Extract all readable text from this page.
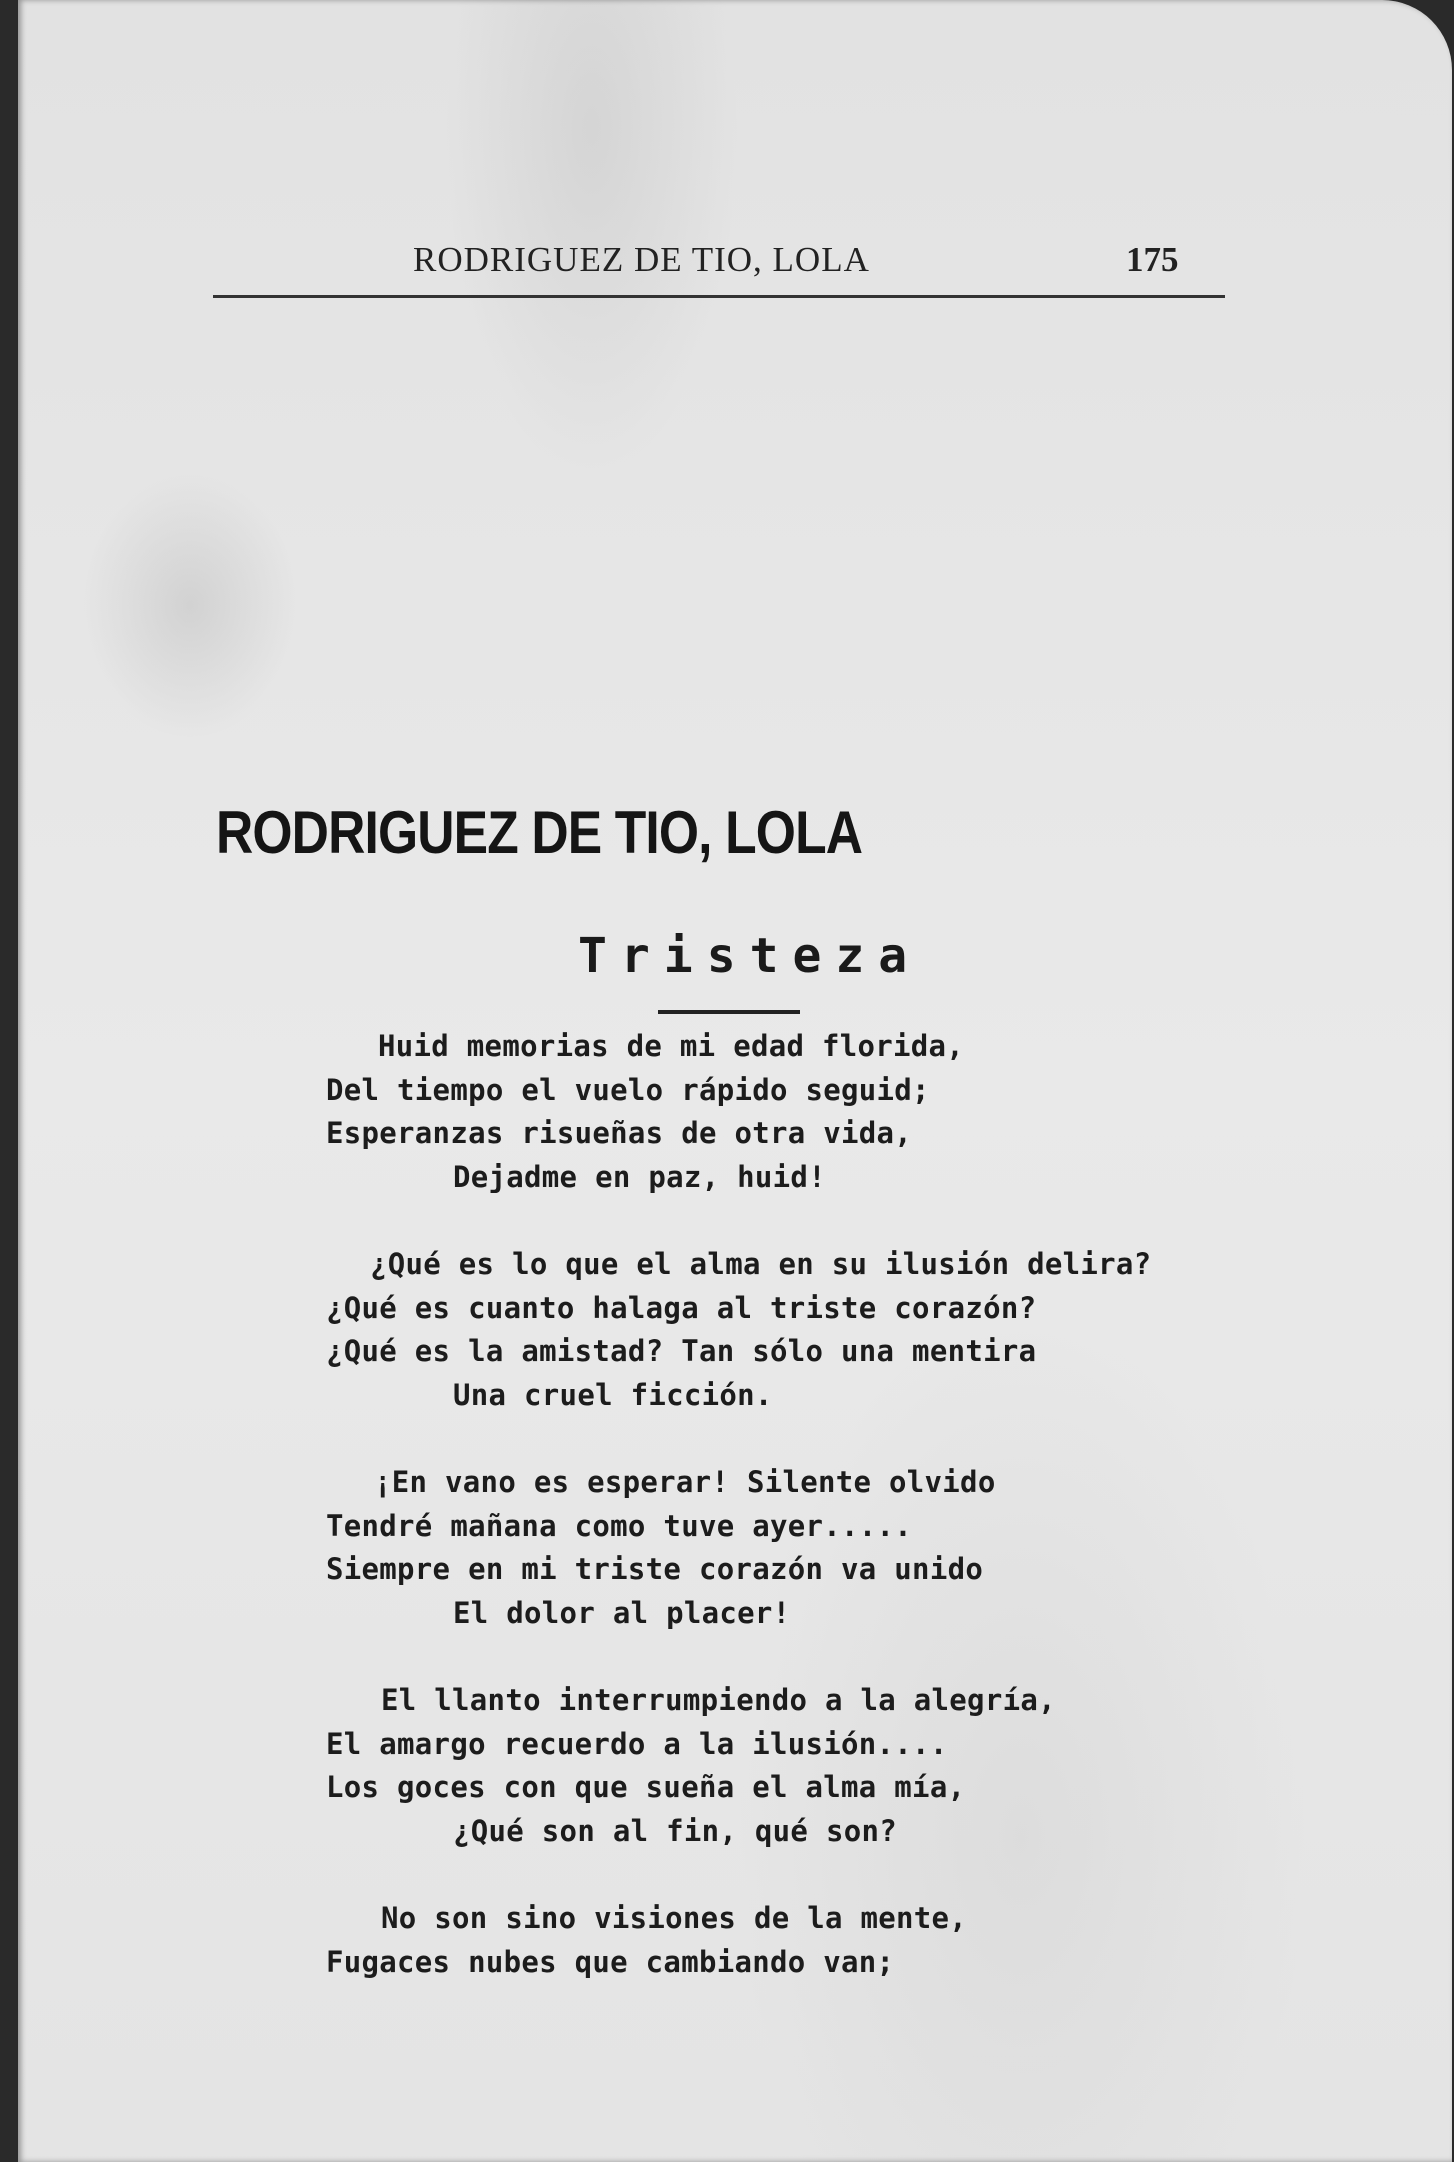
RODRIGUEZ DE TIO, LOLA	175
RODRIGUEZ DE TIO, LOLA
Tristeza
Huid memorias de mi edad florida,
Del tiempo el vuelo rápido seguid;
Esperanzas risueñas de otra vida,
Dejadme en paz, huid!
¿Qué es lo que el alma en su ilusión delira?
¿Qué es cuanto halaga al triste corazón?
¿Qué es la amistad? Tan sólo una mentira
Una cruel ficción.
¡En vano es esperar! Silente olvido
Tendré mañana como tuve ayer.....
Siempre en mi triste corazón va unido
El dolor al placer!
El llanto interrumpiendo a la alegría,
El amargo recuerdo a la ilusión....
Los goces con que sueña el alma mía,
¿Qué son al fin, qué son?
No son sino visiones de la mente,
Fugaces nubes que cambiando van;
